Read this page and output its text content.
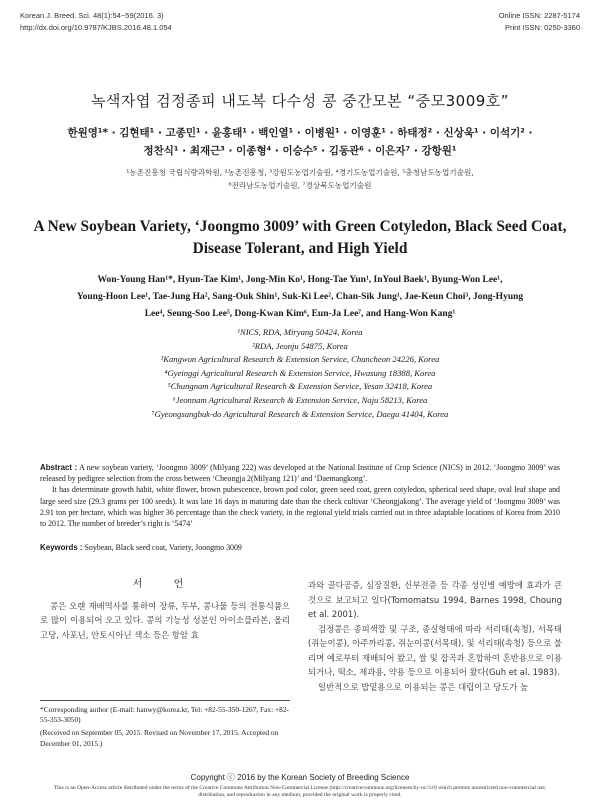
Korean J. Breed. Sci. 48(1):54~59(2016. 3)
http://dx.doi.org/10.9787/KJBS.2016.48.1.054
Online ISSN: 2287-5174
Print ISSN: 0250-3360
녹색자엽 검정종피 내도복 다수성 콩 중간모본 “중모3009호”
한원영¹* · 김현태¹ · 고종민¹ · 윤홍태¹ · 백인열¹ · 이병원¹ · 이영훈¹ · 하태정² · 신상욱¹ · 이석기² ·
정찬식¹ · 최재근³ · 이종형⁴ · 이승수⁵ · 김동관⁶ · 이은자⁷ · 강항원¹
¹농촌진흥청 국립식량과학원, ²농촌진흥청, ³강원도농업기술원, ⁴경기도농업기술원, ⁵충청남도농업기술원,
⁶전라남도농업기술원, ⁷경상북도농업기술원
A New Soybean Variety, ‘Joongmo 3009’ with Green Cotyledon, Black Seed Coat, Disease Tolerant, and High Yield
Won-Young Han¹*, Hyun-Tae Kim¹, Jong-Min Ko¹, Hong-Tae Yun¹, InYoul Baek¹, Byung-Won Lee¹,
Young-Hoon Lee¹, Tae-Jung Ha², Sang-Ouk Shin¹, Suk-Ki Lee², Chan-Sik Jung¹, Jae-Keun Choi³, Jong-Hyung
Lee⁴, Seung-Soo Lee⁵, Dong-Kwan Kim⁶, Eun-Ja Lee⁷, and Hang-Won Kang¹
¹NICS, RDA, Miryang 50424, Korea
²RDA, Jeonju 54875, Korea
³Kangwon Agricultural Research & Extension Service, Chuncheon 24226, Korea
⁴Gyeinggi Agricultural Research & Extension Service, Hwasung 18388, Korea
⁵Chungnam Agricultural Research & Extension Service, Yesan 32418, Korea
⁶Jeonnam Agricultural Research & Extension Service, Naju 58213, Korea
⁷Gyeongsangbuk-do Agricultural Research & Extension Service, Daegu 41404, Korea

Abstract : A new soybean variety, ‘Joongmo 3009’ (Milyang 222) was developed at the National Institute of Crop Science (NICS) in 2012. ‘Joongmo 3009’ was released by pedigree selection from the cross between ‘Cheongja 2(Milyang 121)’ and ‘Daemangkong’.

It has determinate growth habit, white flower, brown pubescence, brown pod color, green seed coat, green cotyledon, spherical seed shape, oval leaf shape and large seed size (29.3 grams per 100 seeds). It was late 16 days in maturing date than the check cultivar ‘Cheongjakong’. The average yield of ‘Joongmo 3009’ was 2.91 ton per hectare, which was higher 36 percentage than the check variety, in the regional yield trials carried out in three adaptable locations of Korea from 2010 to 2012. The number of breeder’s right is ‘5474’

Keywords : Soybean, Black seed coat, Variety, Joongmo 3009
서 언

콩은 오랜 재배역사를 통하여 장류, 두부, 콩나물 등의 전통식품으로 많이 이용되어 오고 있다. 콩의 기능성 성분인 아이소플라본, 올리고당, 사포닌, 안토시아닌 색소 등은 항암 효

과와 골다공증, 심장질환, 신부전증 등 각종 성인병 예방에 효과가 큰 것으로 보고되고 있다(Tomomatsu 1994, Barnes 1998, Choung et al. 2001).

검정콩은 종피색깔 및 구조, 종실형태에 따라 서리태(속청), 서목태(쥐눈이콩), 아주까리콩, 쥐눈이콩(서목태), 및 서리태(속청) 등으로 불리며 예로부터 재배되어 왔고, 쌀 및 잡곡과 혼합하여 혼반용으로 이용되거나, 떡소, 제과용, 약용 등으로 이용되어 왔다(Guh et al. 1983).

일반적으로 밥밑용으로 이용되는 콩은 대립이고 당도가 높

*Corresponding author (E-mail: hanwy@korea.kr, Tel: +82-55-350-1267, Fax: +82-55-353-3050)

(Received on September 05, 2015. Revised on November 17, 2015. Accepted on December 01, 2015.)

Copyright ⓒ 2016 by the Korean Society of Breeding Science
This is an Open-Access article distributed under the terms of the Creative Commons Attribution Non-Commercial License (http://creativecommons.org/licenses/by-nc/3.0) which permits unrestricted non-commercial use, distribution, and reproduction in any medium, provided the original work is properly cited.
